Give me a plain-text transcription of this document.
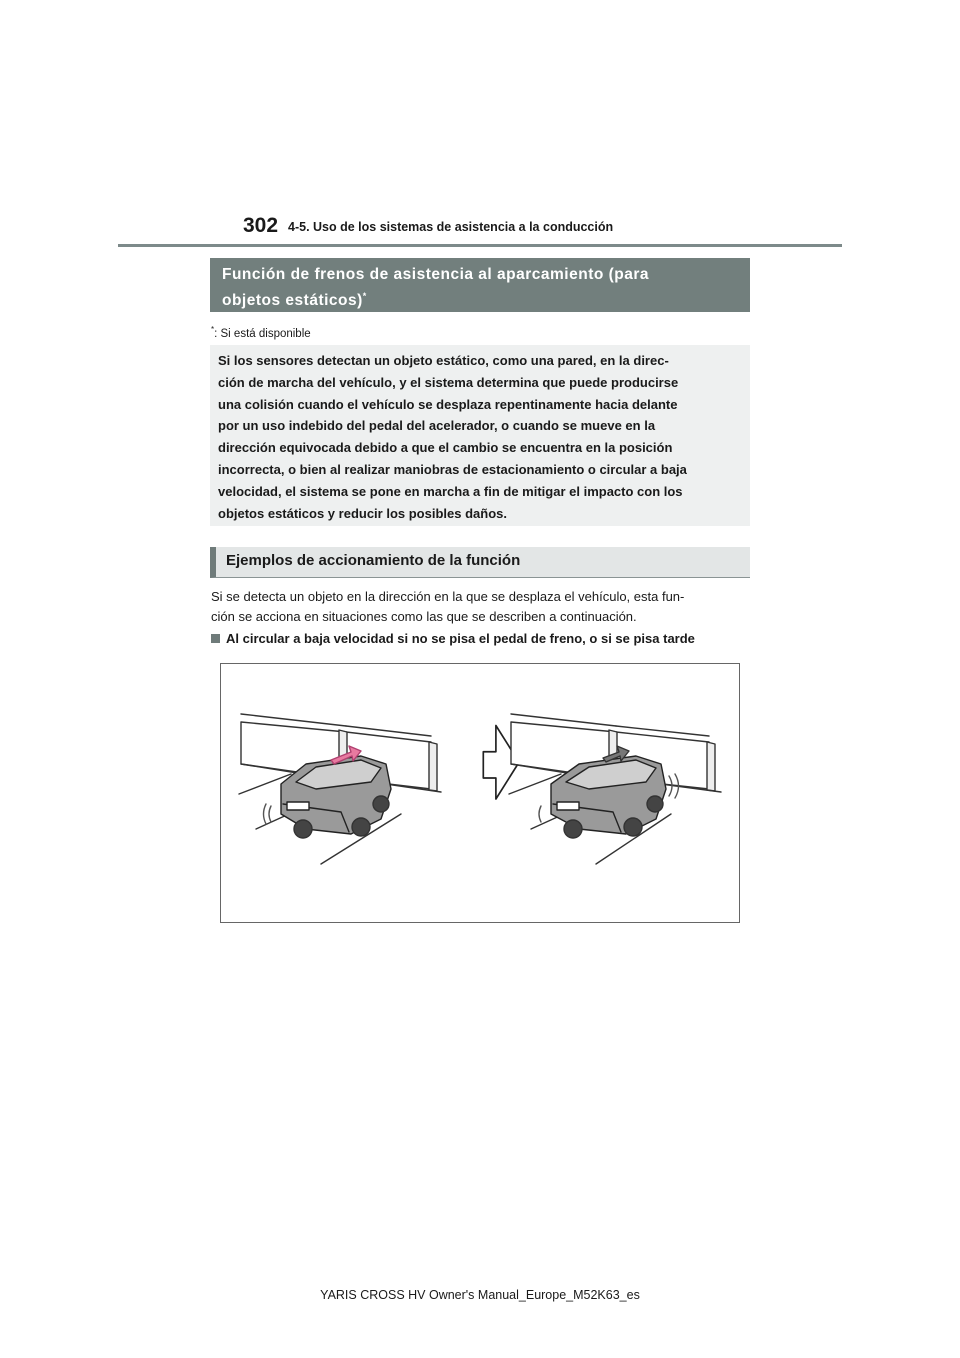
302 4-5. Uso de los sistemas de asistencia a la conducción
Función de frenos de asistencia al aparcamiento (para
objetos estáticos)*
*: Si está disponible
Si los sensores detectan un objeto estático, como una pared, en la direc-
ción de marcha del vehículo, y el sistema determina que puede producirse
una colisión cuando el vehículo se desplaza repentinamente hacia delante
por un uso indebido del pedal del acelerador, o cuando se mueve en la
dirección equivocada debido a que el cambio se encuentra en la posición
incorrecta, o bien al realizar maniobras de estacionamiento o circular a baja
velocidad, el sistema se pone en marcha a fin de mitigar el impacto con los
objetos estáticos y reducir los posibles daños.
Ejemplos de accionamiento de la función
Si se detecta un objeto en la dirección en la que se desplaza el vehículo, esta fun-
ción se acciona en situaciones como las que se describen a continuación.
Al circular a baja velocidad si no se pisa el pedal de freno, o si se pisa tarde
YARIS CROSS HV Owner's Manual_Europe_M52K63_es
